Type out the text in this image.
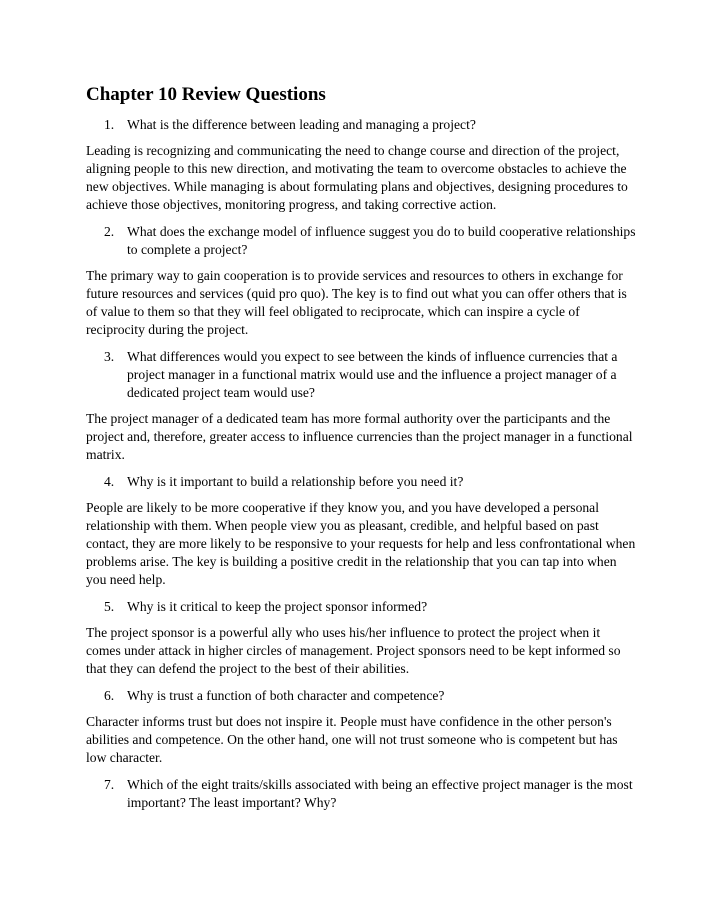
Chapter 10 Review Questions
1. What is the difference between leading and managing a project?

Leading is recognizing and communicating the need to change course and direction of the project, aligning people to this new direction, and motivating the team to overcome obstacles to achieve the new objectives. While managing is about formulating plans and objectives, designing procedures to achieve those objectives, monitoring progress, and taking corrective action.

2. What does the exchange model of influence suggest you do to build cooperative relationships to complete a project?

The primary way to gain cooperation is to provide services and resources to others in exchange for future resources and services (quid pro quo). The key is to find out what you can offer others that is of value to them so that they will feel obligated to reciprocate, which can inspire a cycle of reciprocity during the project.

3. What differences would you expect to see between the kinds of influence currencies that a project manager in a functional matrix would use and the influence a project manager of a dedicated project team would use?

The project manager of a dedicated team has more formal authority over the participants and the project and, therefore, greater access to influence currencies than the project manager in a functional matrix.

4. Why is it important to build a relationship before you need it?

People are likely to be more cooperative if they know you, and you have developed a personal relationship with them. When people view you as pleasant, credible, and helpful based on past contact, they are more likely to be responsive to your requests for help and less confrontational when problems arise. The key is building a positive credit in the relationship that you can tap into when you need help.

5. Why is it critical to keep the project sponsor informed?

The project sponsor is a powerful ally who uses his/her influence to protect the project when it comes under attack in higher circles of management. Project sponsors need to be kept informed so that they can defend the project to the best of their abilities.

6. Why is trust a function of both character and competence?

Character informs trust but does not inspire it. People must have confidence in the other person's abilities and competence. On the other hand, one will not trust someone who is competent but has low character.

7. Which of the eight traits/skills associated with being an effective project manager is the most important? The least important? Why?
